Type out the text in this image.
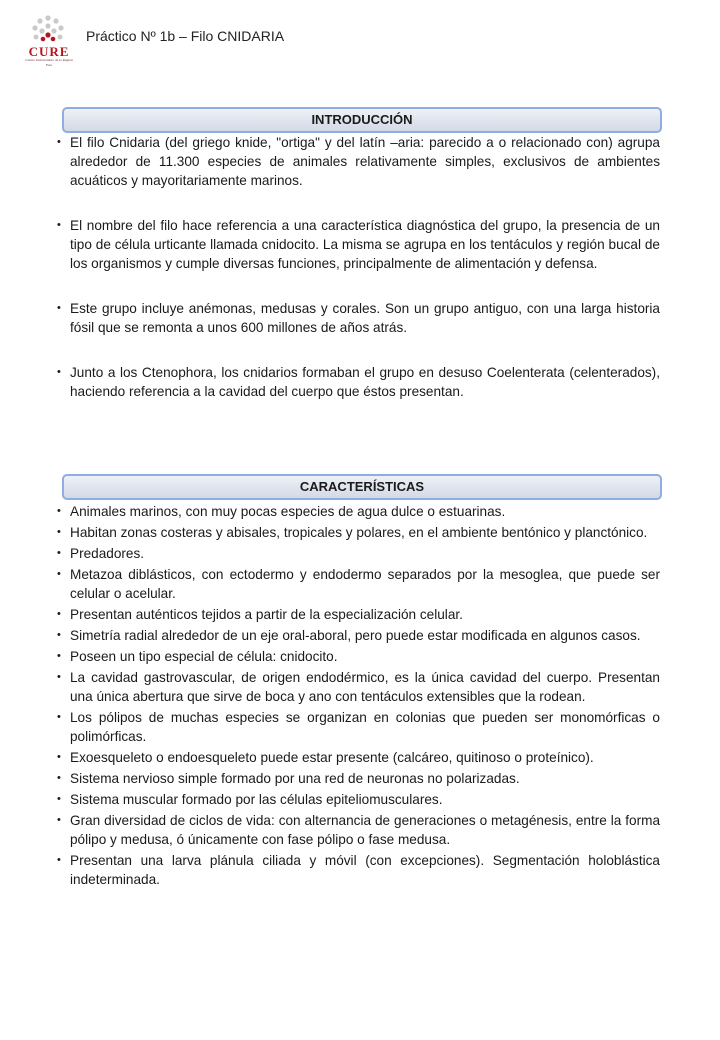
CURE
Centro Universitario de la Región Este
Práctico Nº 1b – Filo CNIDARIA
INTRODUCCIÓN
• El filo Cnidaria (del griego knide, "ortiga" y del latín –aria: parecido a o relacionado con) agrupa alrededor de 11.300 especies de animales relativamente simples, exclusivos de ambientes acuáticos y mayoritariamente marinos.
• El nombre del filo hace referencia a una característica diagnóstica del grupo, la presencia de un tipo de célula urticante llamada cnidocito. La misma se agrupa en los tentáculos y región bucal de los organismos y cumple diversas funciones, principalmente de alimentación y defensa.
• Este grupo incluye anémonas, medusas y corales. Son un grupo antiguo, con una larga historia fósil que se remonta a unos 600 millones de años atrás.
• Junto a los Ctenophora, los cnidarios formaban el grupo en desuso Coelenterata (celenterados), haciendo referencia a la cavidad del cuerpo que éstos presentan.
CARACTERÍSTICAS
• Animales marinos, con muy pocas especies de agua dulce o estuarinas.
• Habitan zonas costeras y abisales, tropicales y polares, en el ambiente bentónico y planctónico.
• Predadores.
• Metazoa diblásticos, con ectodermo y endodermo separados por la mesoglea, que puede ser celular o acelular.
• Presentan auténticos tejidos a partir de la especialización celular.
• Simetría radial alrededor de un eje oral-aboral, pero puede estar modificada en algunos casos.
• Poseen un tipo especial de célula: cnidocito.
• La cavidad gastrovascular, de origen endodérmico, es la única cavidad del cuerpo. Presentan una única abertura que sirve de boca y ano con tentáculos extensibles que la rodean.
• Los pólipos de muchas especies se organizan en colonias que pueden ser monomórficas o polimórficas.
• Exoesqueleto o endoesqueleto puede estar presente (calcáreo, quitinoso o proteínico).
• Sistema nervioso simple formado por una red de neuronas no polarizadas.
• Sistema muscular formado por las células epiteliomusculares.
• Gran diversidad de ciclos de vida: con alternancia de generaciones o metagénesis, entre la forma pólipo y medusa, ó únicamente con fase pólipo o fase medusa.
• Presentan una larva plánula ciliada y móvil (con excepciones). Segmentación holoblástica indeterminada.
